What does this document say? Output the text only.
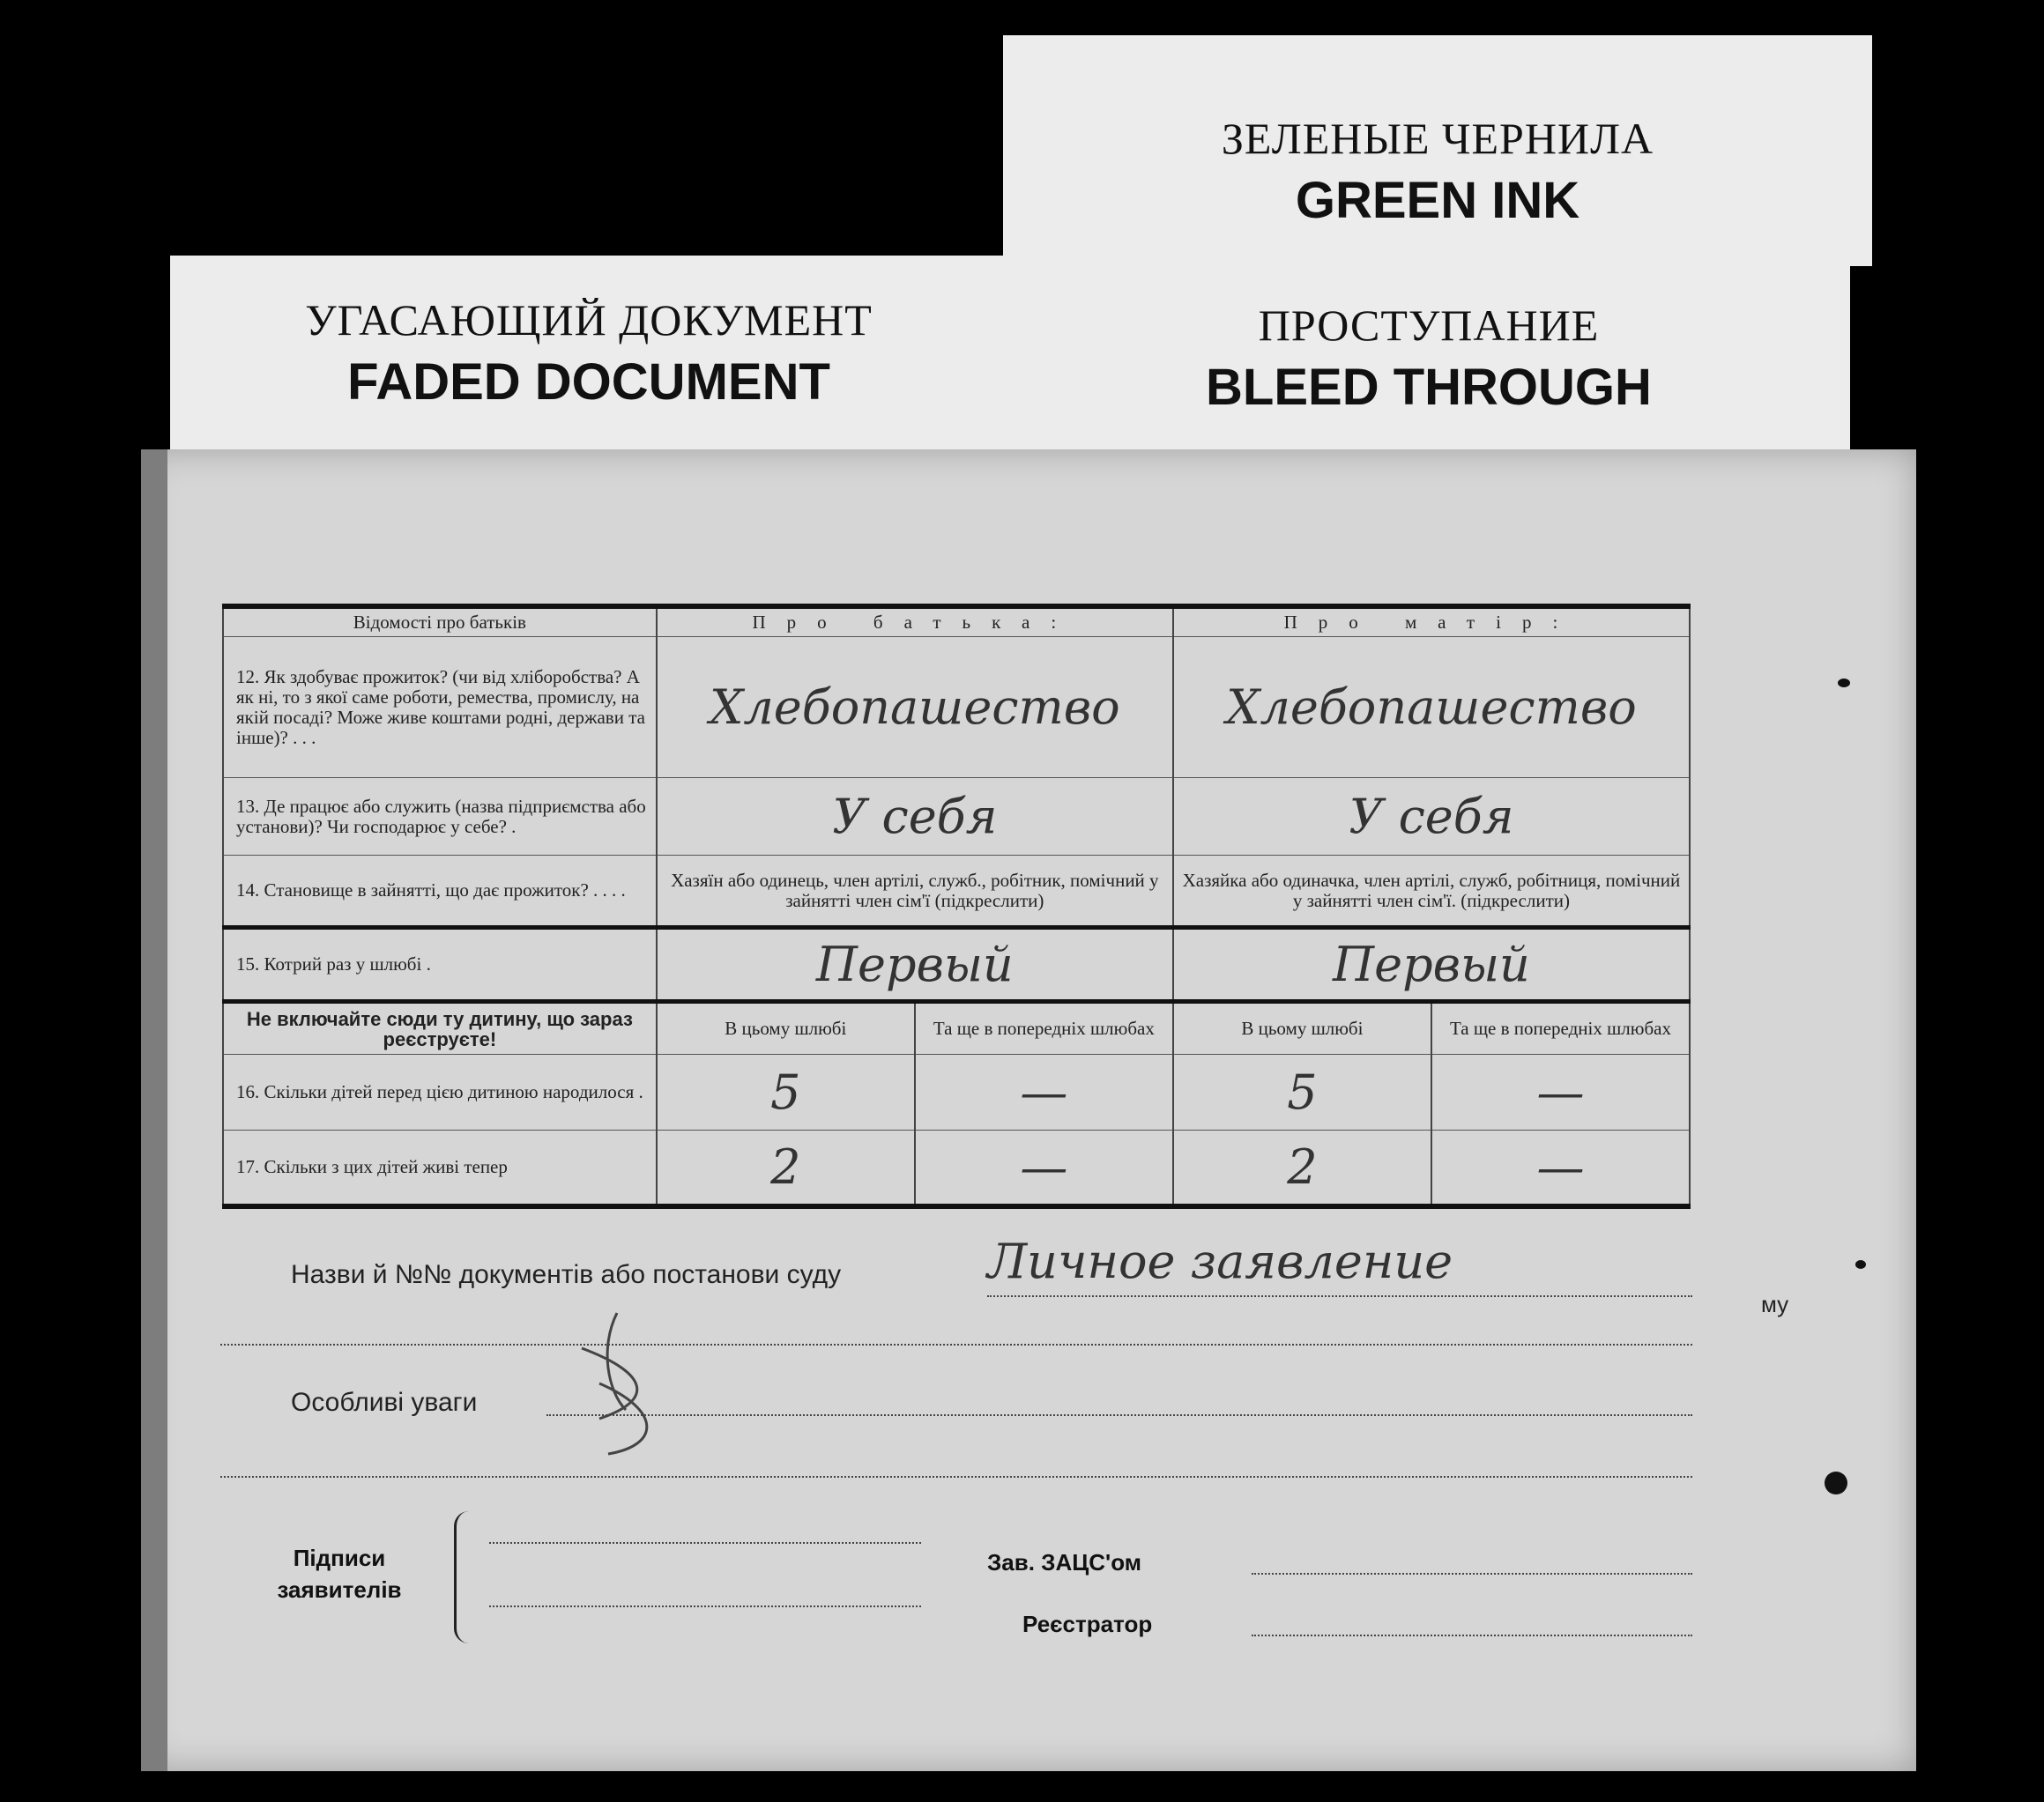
ЗЕЛЕНЫЕ ЧЕРНИЛА
GREEN INK
УГАСАЮЩИЙ ДОКУМЕНТ
FADED DOCUMENT
ПРОСТУПАНИЕ
BLEED THROUGH
Відомості про батьків	Про батька:		Про матір:	
12. Як здобуває прожиток? (чи від хліборобства? А як ні, то з якої саме роботи, ремества, промислу, на якій посаді? Може живе коштами родні, держави та інше)? . . .	Хлебопашество		Хлебопашество	
13. Де працює або служить (назва підприємства або установи)? Чи господарює у себе? .	У себя		У себя	
14. Становище в зайнятті, що дає прожиток? . . . .	Хазяїн або одинець, член артілі, служб., робітник, помічний у зайнятті член сім'ї (підкреслити)		Хазяйка або одиначка, член артілі, служб, робітниця, помічний у зайнятті член сім'ї. (підкреслити)	
15. Котрий раз у шлюбі .	Первый		Первый	
Не включайте сюди ту дитину, що зараз реєструєте!	В цьому шлюбі	Та ще в попередніх шлюбах	В цьому шлюбі	Та ще в попередніх шлюбах
16. Скільки дітей перед цією дитиною народилося .	5	—	5	—
17. Скільки з цих дітей живі тепер	2	—	2	—
Назви й №№ документів або постанови суду	Личное заявление
му
Особливі уваги
Підписи
заявителів
Зав. ЗАЦС'ом
Реєстратор
